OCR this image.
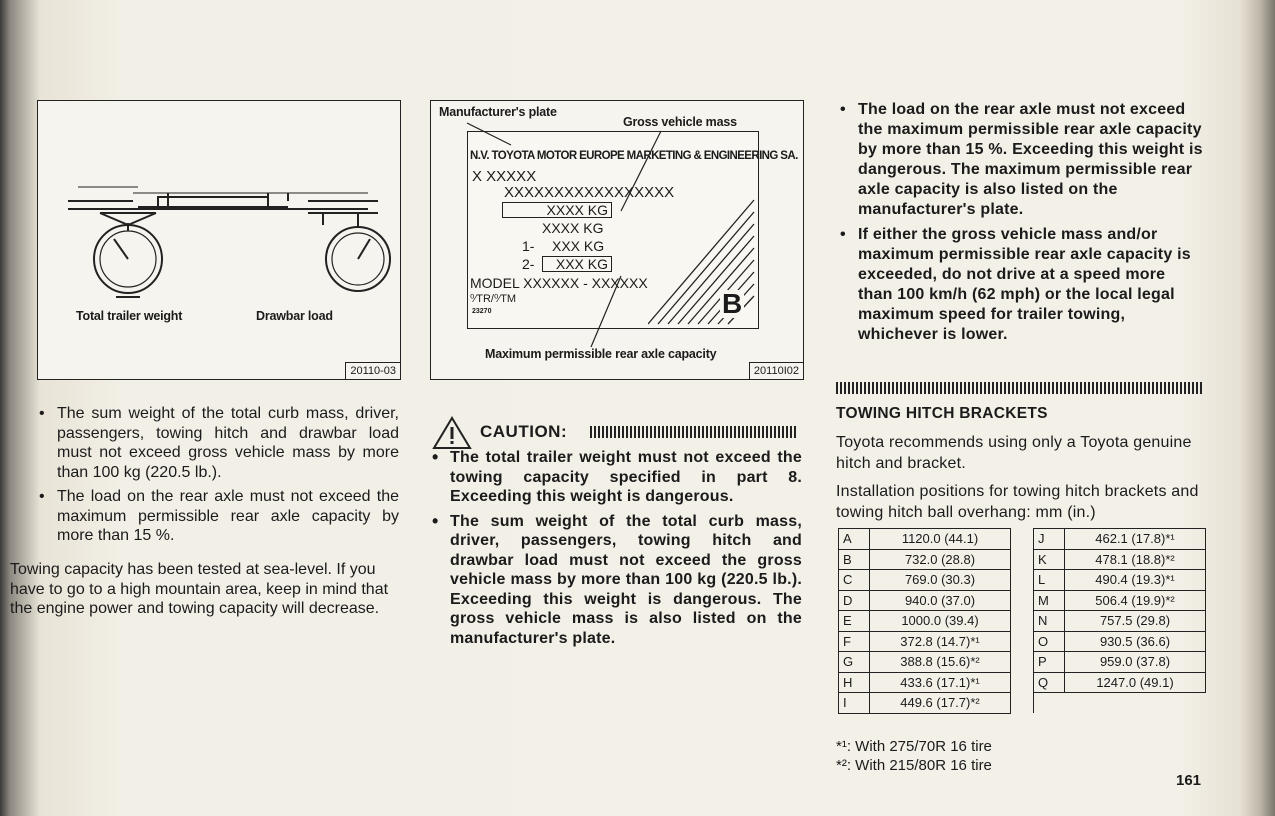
Total trailer weight	Drawbar load
20110-03
Manufacturer's plate
Gross vehicle mass
N.V. TOYOTA MOTOR EUROPE MARKETING & ENGINEERING SA.
X XXXXX
XXXXXXXXXXXXXXXXX
XXXX KG
XXXX KG
1- XXX KG
2-	XXX KG
MODEL XXXXXX - XXXXXX
⁰⁄TR/⁰⁄TM
23270	B
Maximum permissible rear axle capacity
20110I02
• The sum weight of the total curb mass, driver, passengers, towing hitch and drawbar load must not exceed gross vehicle mass by more than 100 kg (220.5 lb.).
• The load on the rear axle must not exceed the maximum permissible rear axle capacity by more than 15 %.
Towing capacity has been tested at sea-level. If you have to go to a high mountain area, keep in mind that the engine power and towing capacity will decrease.
CAUTION:
• The total trailer weight must not exceed the towing capacity specified in part 8. Exceeding this weight is dangerous.
• The sum weight of the total curb mass, driver, passengers, towing hitch and drawbar load must not exceed the gross vehicle mass by more than 100 kg (220.5 lb.). Exceeding this weight is dangerous. The gross vehicle mass is also listed on the manufacturer's plate.
• The load on the rear axle must not exceed the maximum permissible rear axle capacity by more than 15 %. Exceeding this weight is dangerous. The maximum permissible rear axle capacity is also listed on the manufacturer's plate.
• If either the gross vehicle mass and/or maximum permissible rear axle capacity is exceeded, do not drive at a speed more than 100 km/h (62 mph) or the local legal maximum speed for trailer towing, whichever is lower.
TOWING HITCH BRACKETS
Toyota recommends using only a Toyota genuine hitch and bracket.
Installation positions for towing hitch brackets and towing hitch ball overhang: mm (in.)
A	1120.0 (44.1)		J	462.1 (17.8)*¹
B	732.0 (28.8)		K	478.1 (18.8)*²
C	769.0 (30.3)		L	490.4 (19.3)*¹
D	940.0 (37.0)		M	506.4 (19.9)*²
E	1000.0 (39.4)		N	757.5 (29.8)
F	372.8 (14.7)*¹		O	930.5 (36.6)
G	388.8 (15.6)*²		P	959.0 (37.8)
H	433.6 (17.1)*¹		Q	1247.0 (49.1)
I	449.6 (17.7)*²			
*¹: With 275/70R 16 tire
*²: With 215/80R 16 tire
161
